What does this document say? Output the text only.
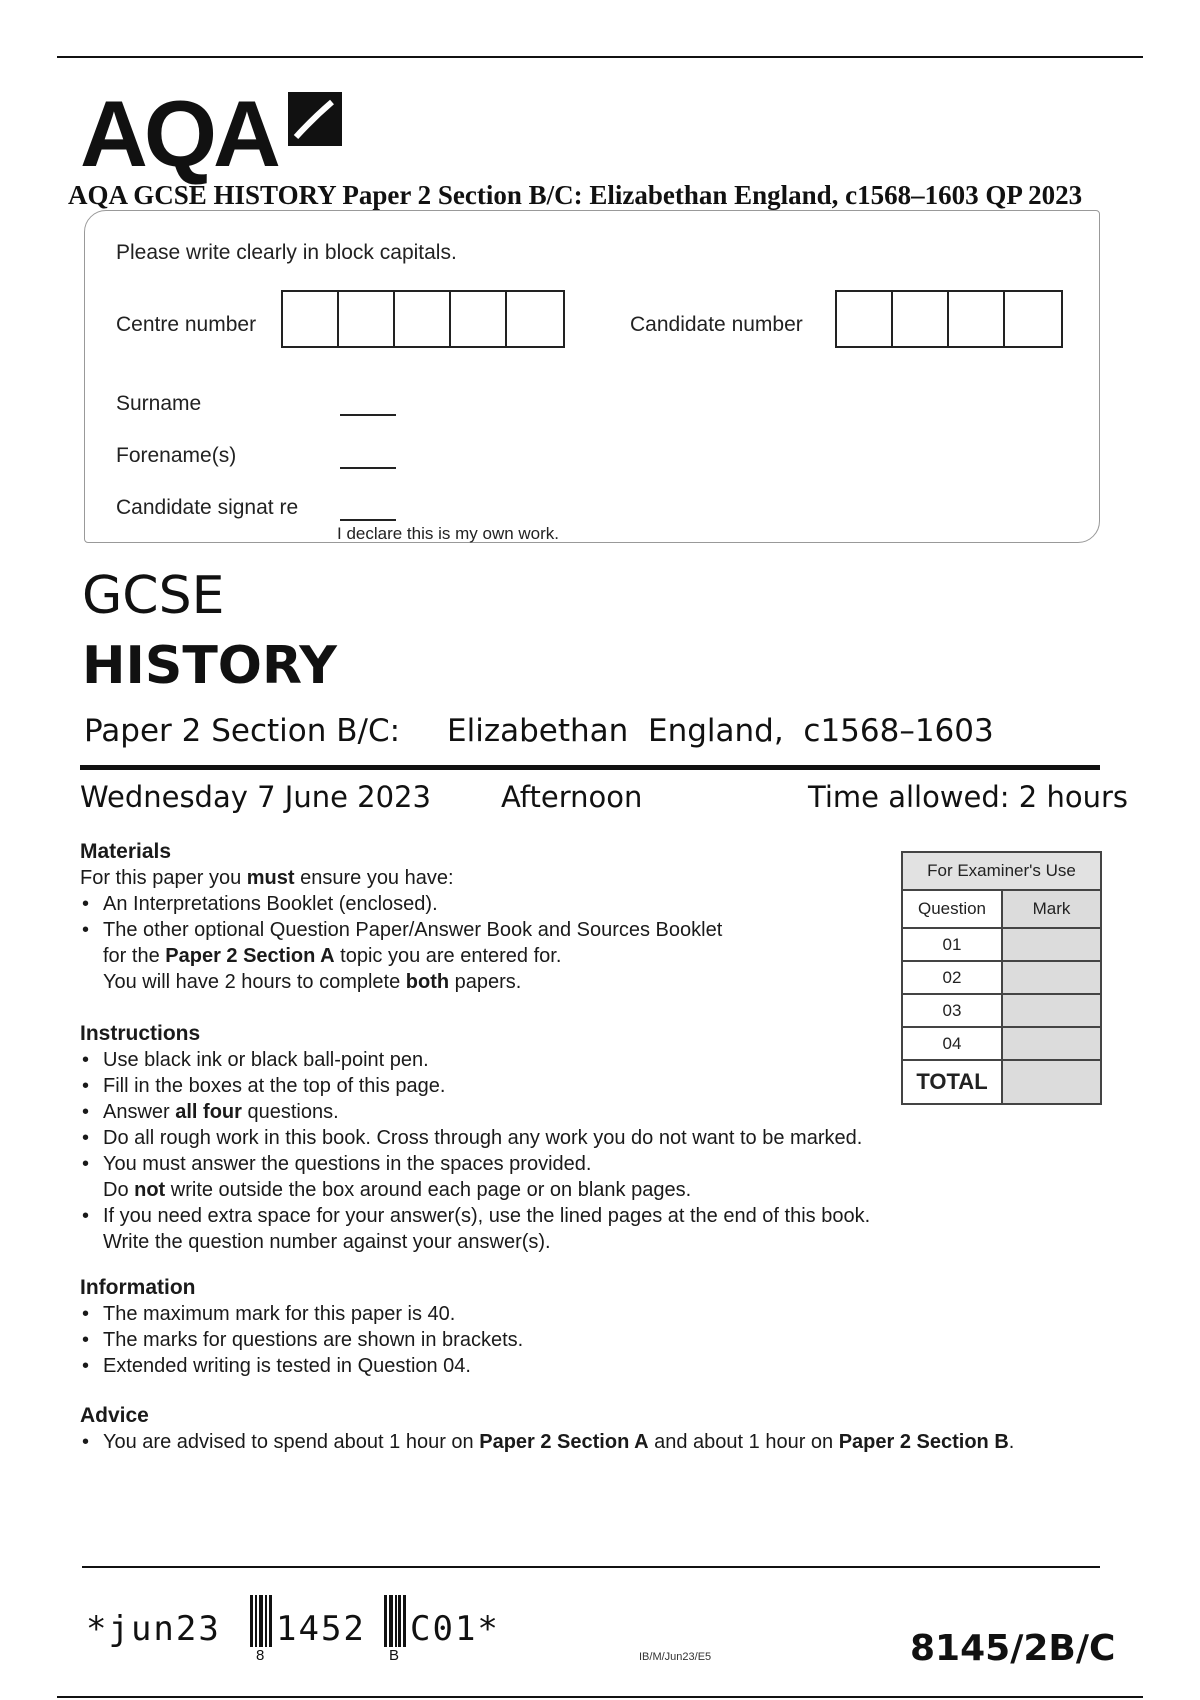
AQA
AQA GCSE HISTORY Paper 2 Section B/C: Elizabethan England, c1568–1603 QP 2023
Please write clearly in block capitals.
Centre number	Candidate number
Surname
Forename(s)
Candidate signat re
I declare this is my own work.
GCSE
HISTORY
Paper 2 Section B/C: Elizabethan  England,  c1568–1603
Wednesday 7 June 2023 Afternoon	Time allowed: 2 hours
Materials
For this paper you must ensure you have:
• An Interpretations Booklet (enclosed).
• The other optional Question Paper/Answer Book and Sources Booklet
for the Paper 2 Section A topic you are entered for.
You will have 2 hours to complete both papers.
Instructions
• Use black ink or black ball-point pen.
• Fill in the boxes at the top of this page.
• Answer all four questions.
• Do all rough work in this book. Cross through any work you do not want to be marked.
• You must answer the questions in the spaces provided.
Do not write outside the box around each page or on blank pages.
• If you need extra space for your answer(s), use the lined pages at the end of this book.
Write the question number against your answer(s).
Information
• The maximum mark for this paper is 40.
• The marks for questions are shown in brackets.
• Extended writing is tested in Question 04.
Advice
• You are advised to spend about 1 hour on Paper 2 Section A and about 1 hour on Paper 2 Section B.
For Examiner's Use	
Question	Mark
01	
02	
03	
04	
TOTAL	
*jun23
8
1452
B
C01*
IB/M/Jun23/E5	8145/2B/C
